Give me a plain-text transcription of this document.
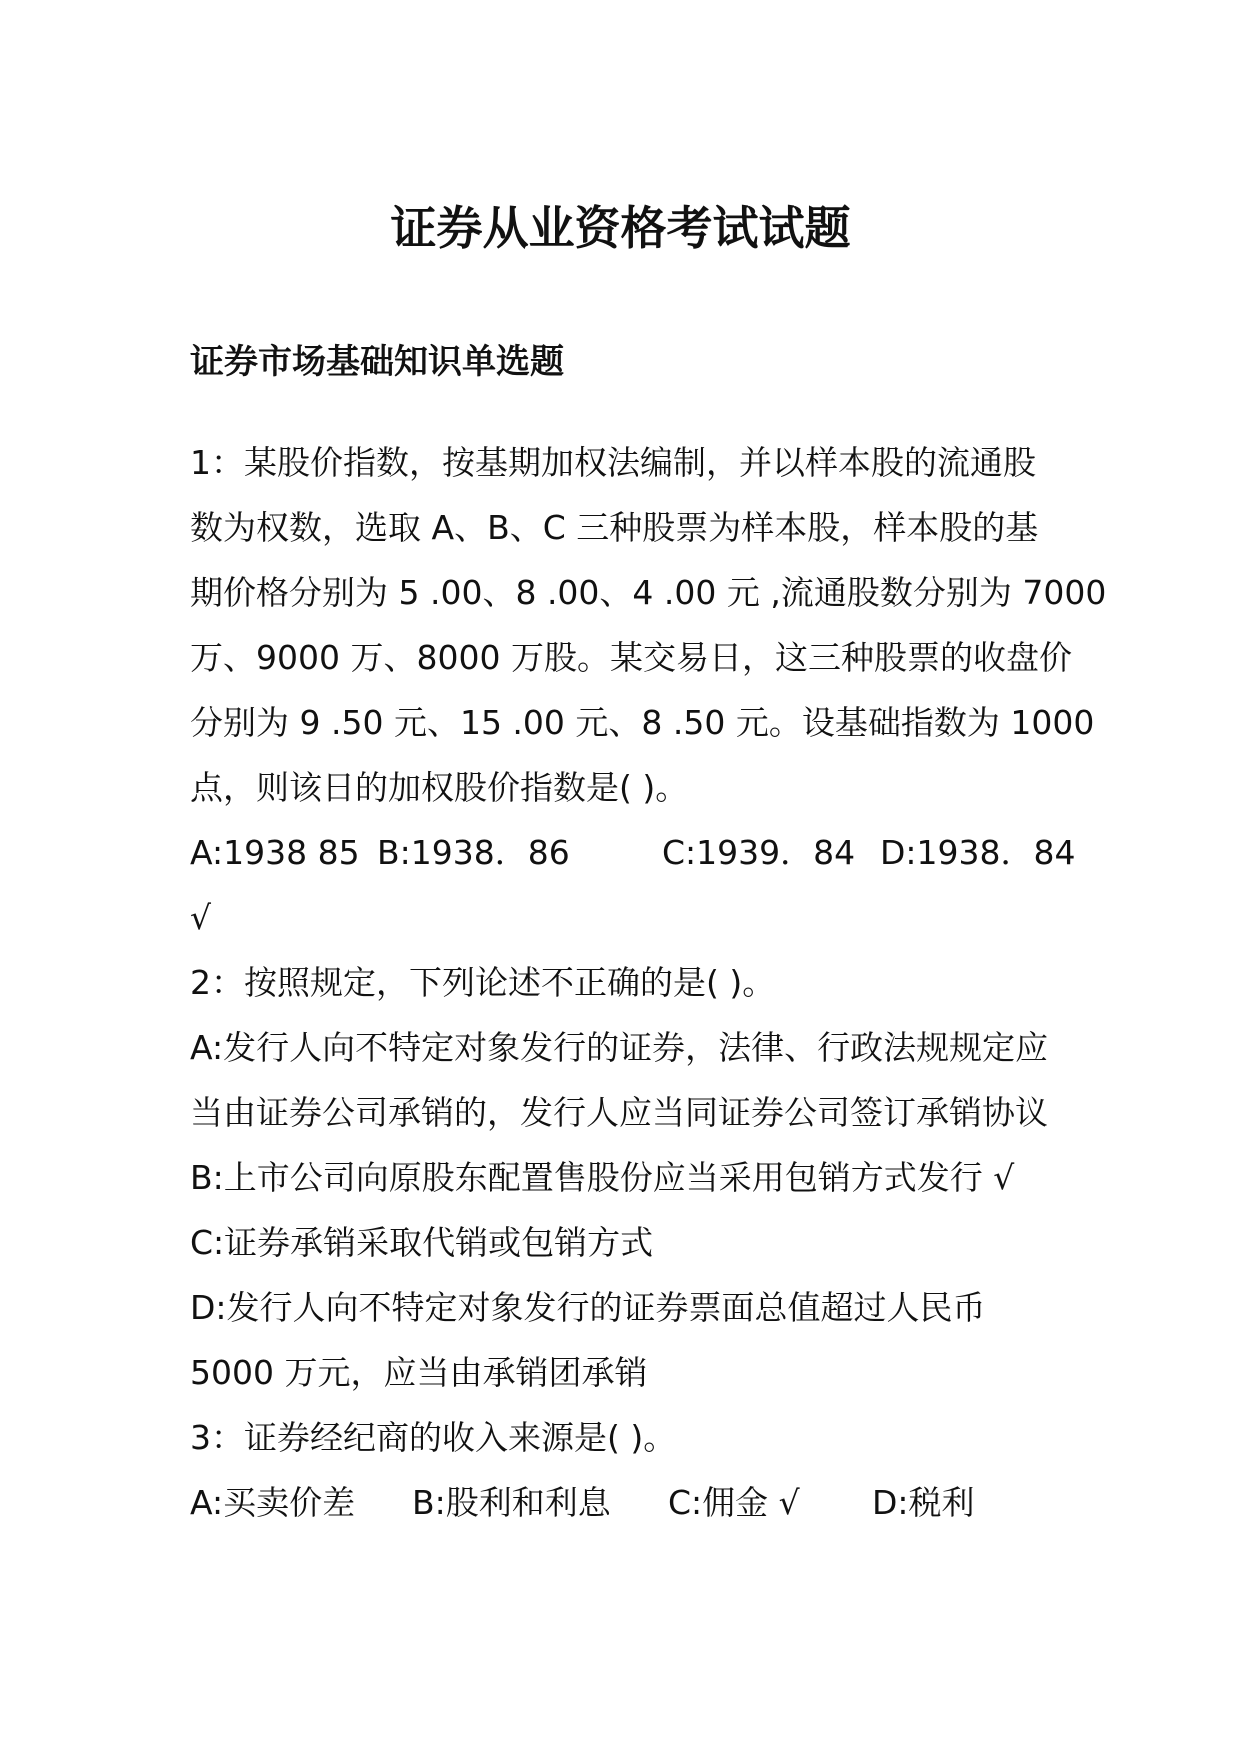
证券从业资格考试试题
证券市场基础知识单选题
1：某股价指数，按基期加权法编制，并以样本股的流通股
数为权数，选取 A、B、C 三种股票为样本股，样本股的基
期价格分别为 5 .00、8 .00、4 .00 元 ,流通股数分别为 7000
万、9000 万、8000 万股。某交易日，这三种股票的收盘价
分别为 9 .50 元、15 .00 元、8 .50 元。设基础指数为 1000
点，则该日的加权股价指数是( )。
A:1938 85 B:1938．86	C:1939．84 D:1938．84
√
2：按照规定，下列论述不正确的是( )。
A:发行人向不特定对象发行的证券，法律、行政法规规定应
当由证券公司承销的，发行人应当同证券公司签订承销协议
B:上市公司向原股东配置售股份应当采用包销方式发行 √
C:证券承销采取代销或包销方式
D:发行人向不特定对象发行的证券票面总值超过人民币
5000 万元，应当由承销团承销
3：证券经纪商的收入来源是( )。
A:买卖价差 B:股利和利息 C:佣金 √ D:税利
